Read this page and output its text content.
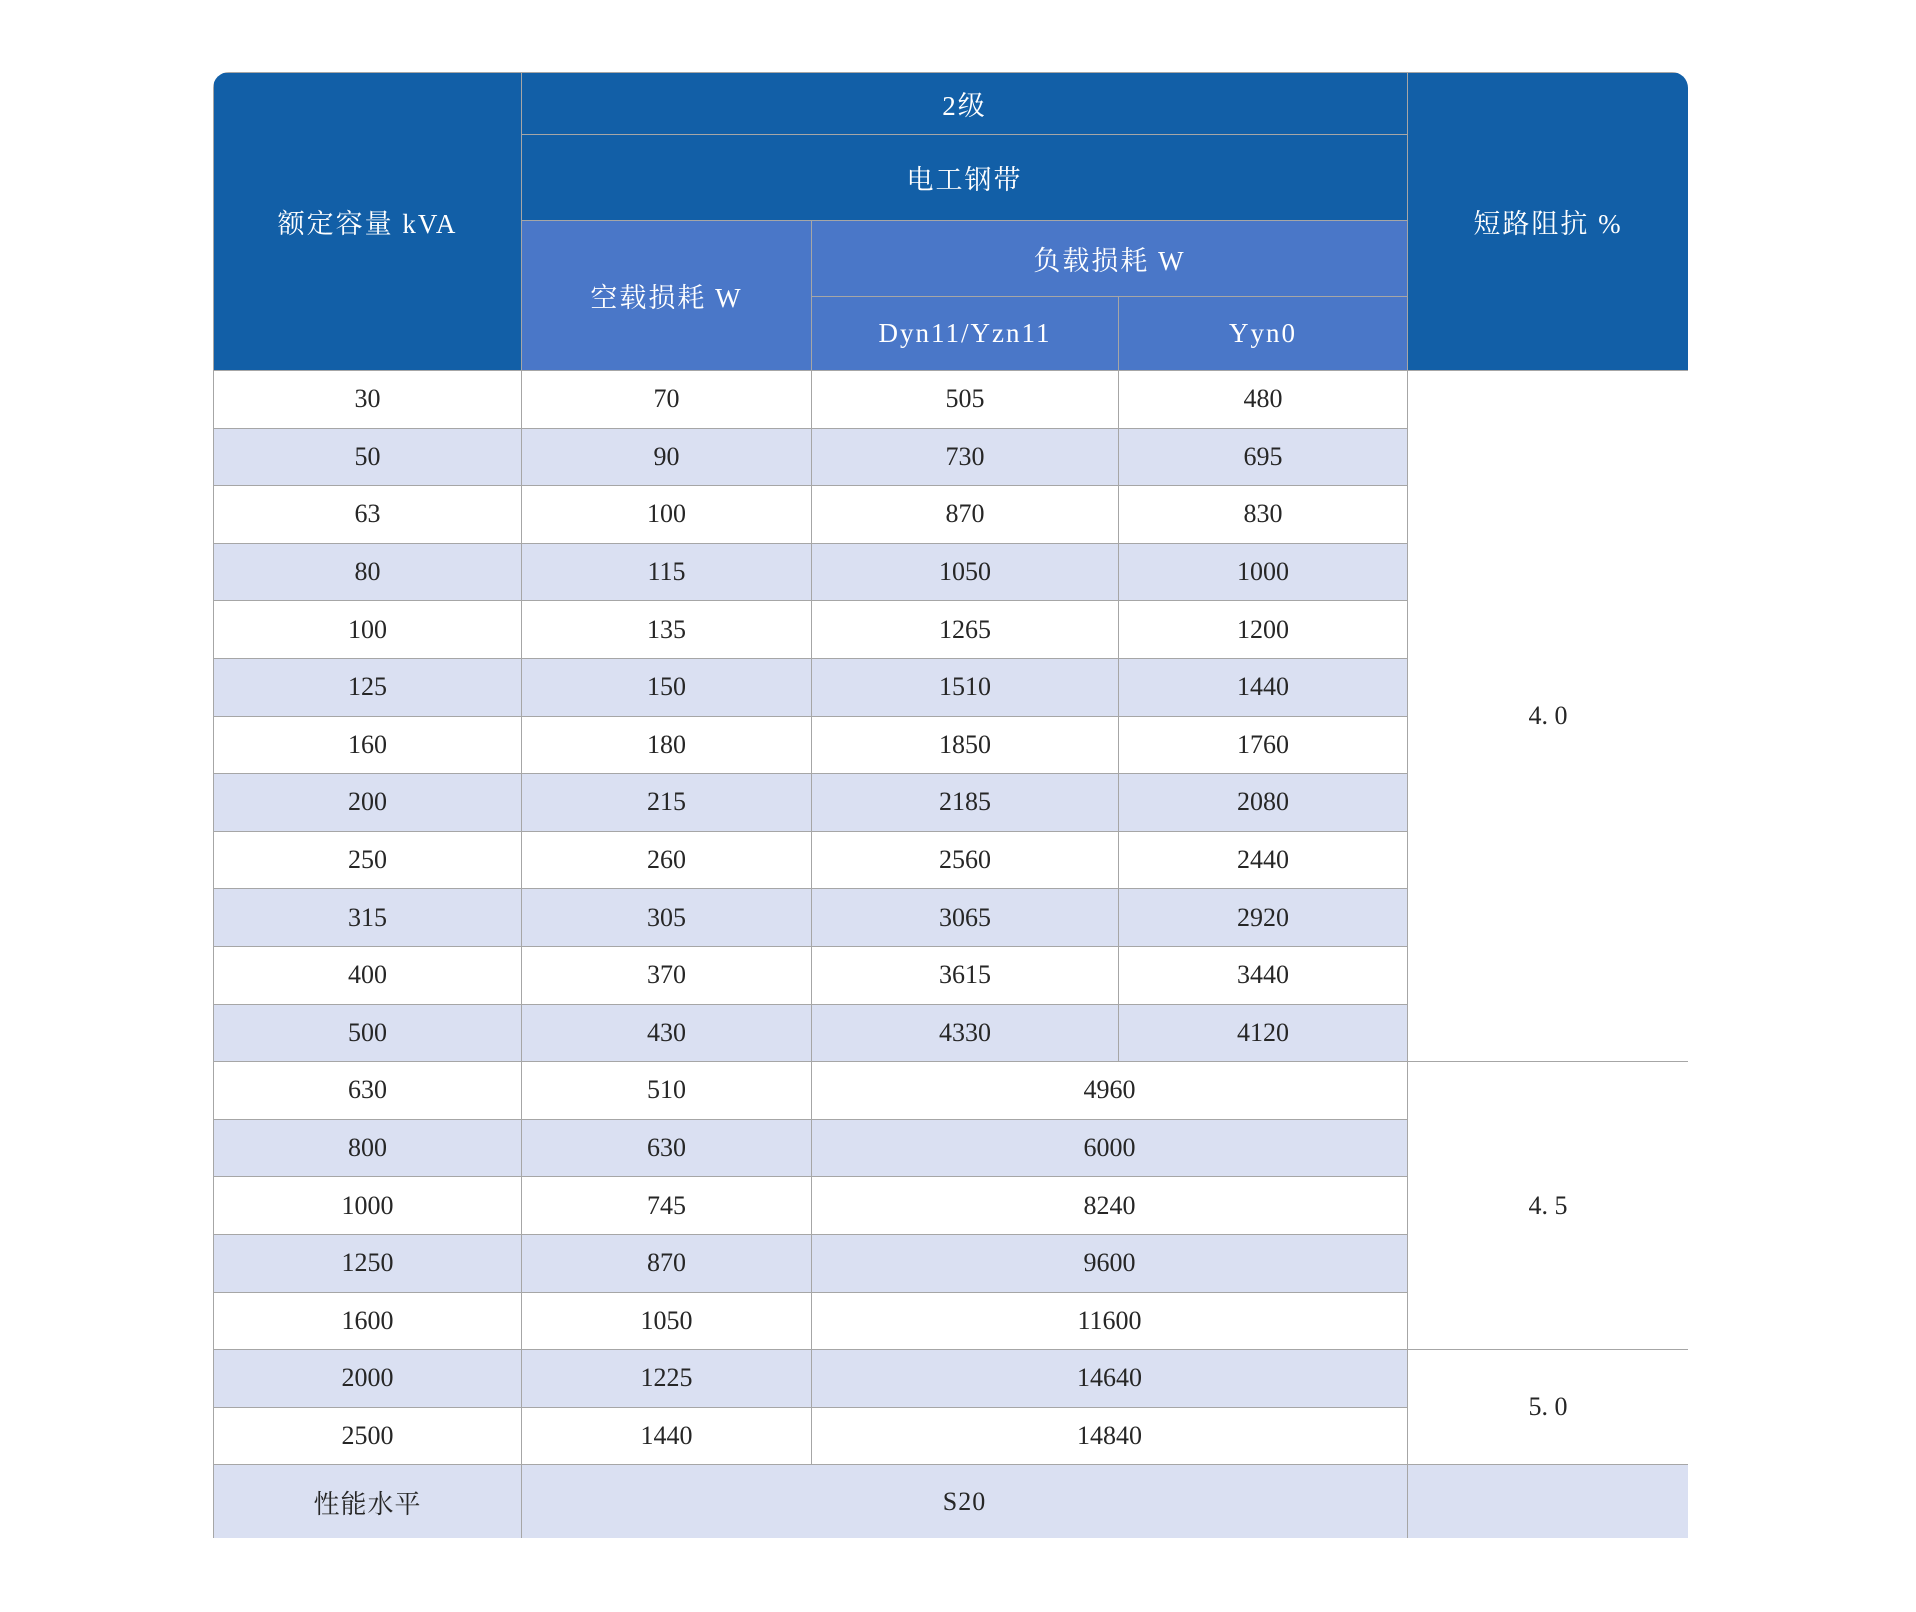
额定容量 kVA	2级			短路阻抗 %
	电工钢带			
	空载损耗 W	负载损耗 W		
		Dyn11/Yzn11	Yyn0	
30	70	505	480	4. 0
50	90	730	695	
63	100	870	830	
80	115	1050	1000	
100	135	1265	1200	
125	150	1510	1440	
160	180	1850	1760	
200	215	2185	2080	
250	260	2560	2440	
315	305	3065	2920	
400	370	3615	3440	
500	430	4330	4120	
630	510	4960		4. 5
800	630	6000		
1000	745	8240		
1250	870	9600		
1600	1050	11600		
2000	1225	14640		5. 0
2500	1440	14840		
性能水平	S20			
